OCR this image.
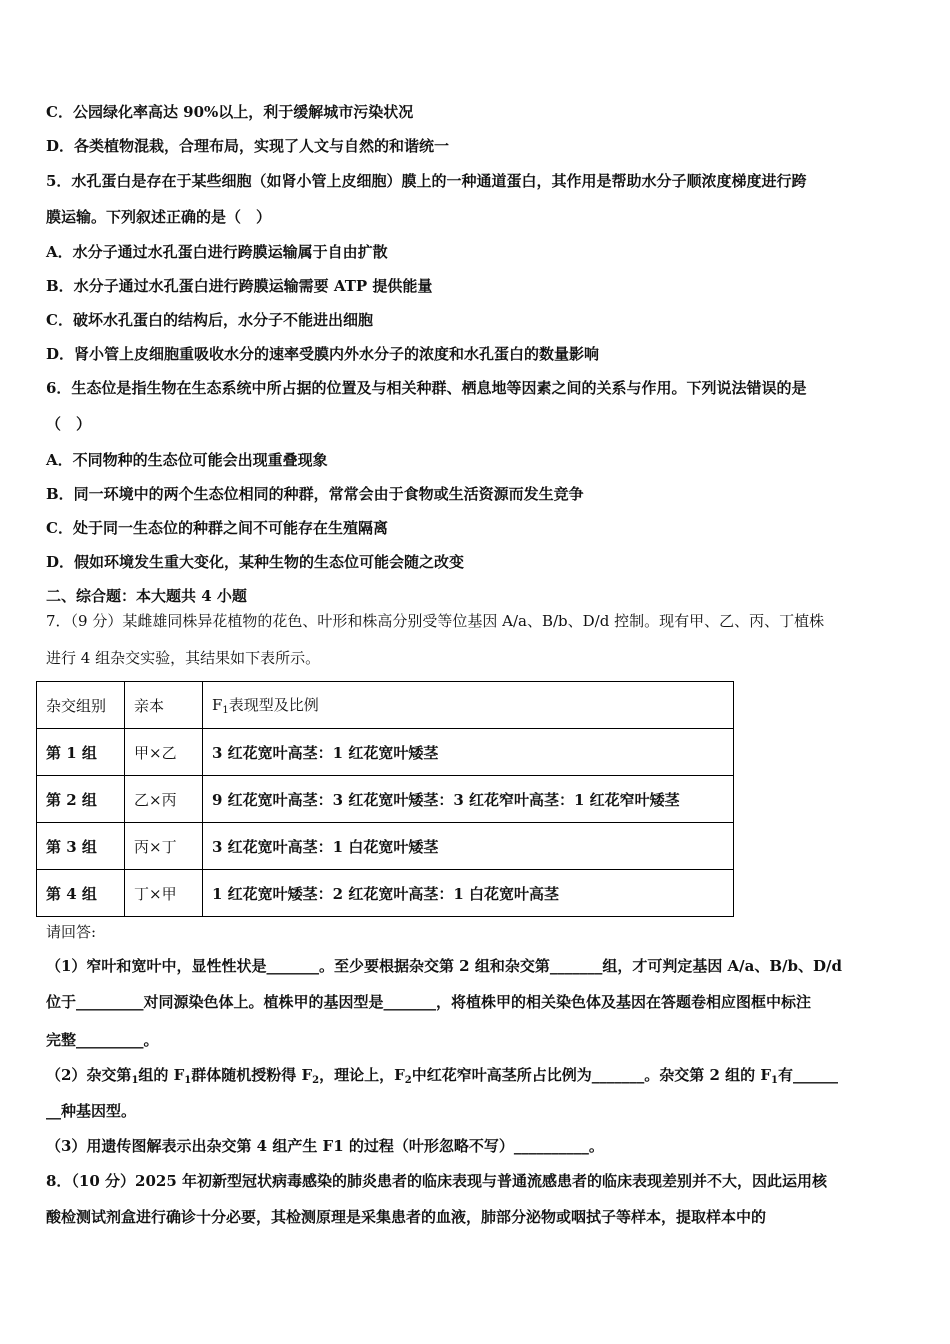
C．公园绿化率高达 90%以上，利于缓解城市污染状况
D．各类植物混栽，合理布局，实现了人文与自然的和谐统一
5．水孔蛋白是存在于某些细胞（如肾小管上皮细胞）膜上的一种通道蛋白，其作用是帮助水分子顺浓度梯度进行跨
膜运输。下列叙述正确的是（　）
A．水分子通过水孔蛋白进行跨膜运输属于自由扩散
B．水分子通过水孔蛋白进行跨膜运输需要 ATP 提供能量
C．破坏水孔蛋白的结构后，水分子不能进出细胞
D．肾小管上皮细胞重吸收水分的速率受膜内外水分子的浓度和水孔蛋白的数量影响
6．生态位是指生物在生态系统中所占据的位置及与相关种群、栖息地等因素之间的关系与作用。下列说法错误的是
（　）
A．不同物种的生态位可能会出现重叠现象
B．同一环境中的两个生态位相同的种群，常常会由于食物或生活资源而发生竞争
C．处于同一生态位的种群之间不可能存在生殖隔离
D．假如环境发生重大变化，某种生物的生态位可能会随之改变
二、综合题：本大题共 4 小题
7．（9 分）某雌雄同株异花植物的花色、叶形和株高分别受等位基因 A/a、B/b、D/d 控制。现有甲、乙、丙、丁植株
进行 4 组杂交实验，其结果如下表所示。
杂交组别	亲本	$F_1$表现型及比例
第 1 组	甲×乙	3 红花宽叶高茎：1 红花宽叶矮茎
第 2 组	乙×丙	9 红花宽叶高茎：3 红花宽叶矮茎：3 红花窄叶高茎：1 红花窄叶矮茎
第 3 组	丙×丁	3 红花宽叶高茎：1 白花宽叶矮茎
第 4 组	丁×甲	1 红花宽叶矮茎：2 红花宽叶高茎：1 白花宽叶高茎
请回答:
（1）窄叶和宽叶中，显性性状是_______。至少要根据杂交第 2 组和杂交第_______组，才可判定基因 A/a、B/b、D/d
位于_________对同源染色体上。植株甲的基因型是_______，将植株甲的相关染色体及基因在答题卷相应图框中标注
完整_________。
（2）杂交第$_1$组的 $F_1$群体随机授粉得 $F_2$，理论上，$F_2$中红花窄叶高茎所占比例为_______。杂交第 2 组的 $F_1$有______
__种基因型。
（3）用遗传图解表示出杂交第 4 组产生 F1 的过程（叶形忽略不写）__________。
8．（10 分）2025 年初新型冠状病毒感染的肺炎患者的临床表现与普通流感患者的临床表现差别并不大，因此运用核
酸检测试剂盒进行确诊十分必要，其检测原理是采集患者的血液，肺部分泌物或咽拭子等样本，提取样本中的
